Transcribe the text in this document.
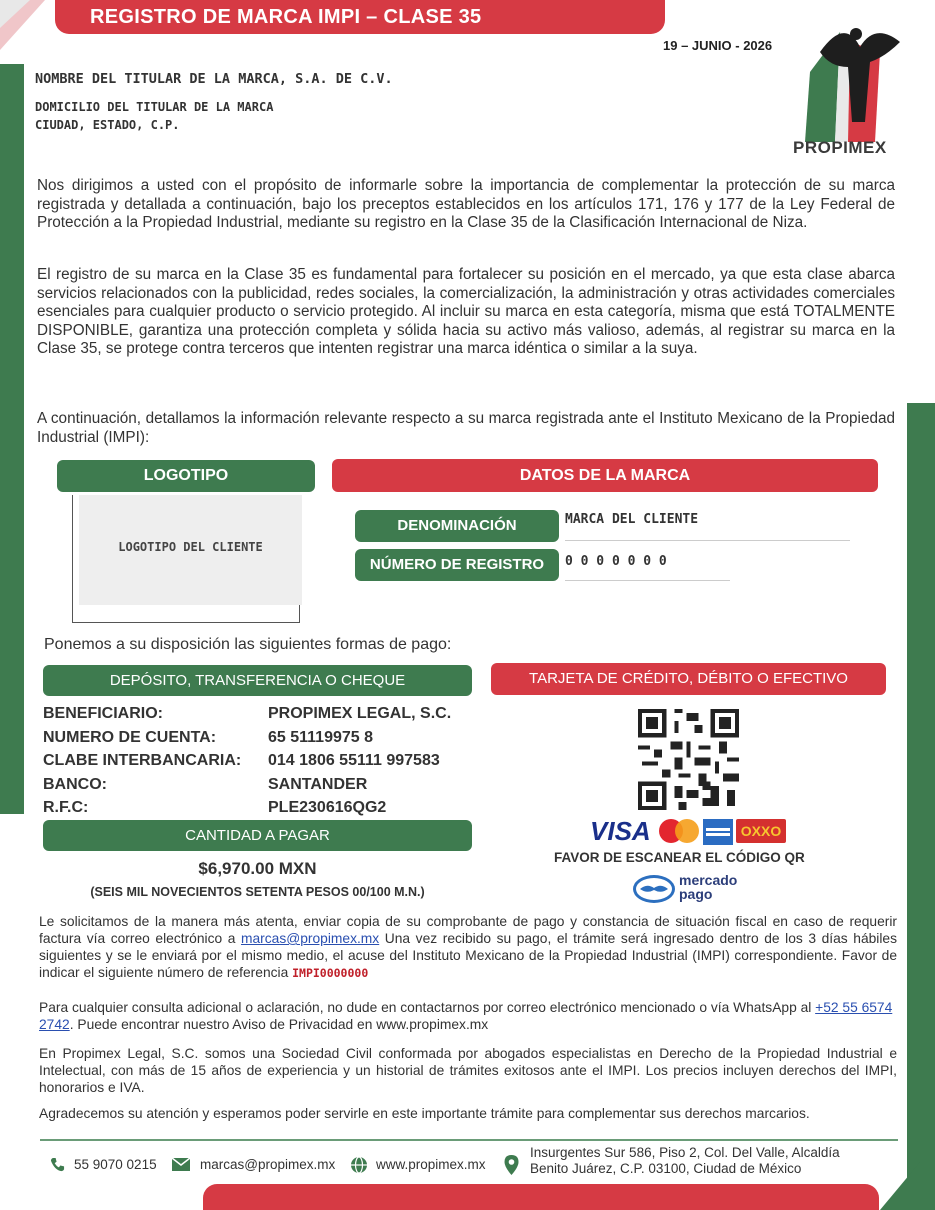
REGISTRO DE MARCA IMPI – CLASE 35
19 – JUNIO - 2026
PROPIMEX
NOMBRE DEL TITULAR DE LA MARCA, S.A. DE C.V.
DOMICILIO DEL TITULAR DE LA MARCA
CIUDAD, ESTADO, C.P.

Nos dirigimos a usted con el propósito de informarle sobre la importancia de complementar la protección de su marca registrada y detallada a continuación, bajo los preceptos establecidos en los artículos 171, 176 y 177 de la Ley Federal de Protección a la Propiedad Industrial, mediante su registro en la Clase 35 de la Clasificación Internacional de Niza.

El registro de su marca en la Clase 35 es fundamental para fortalecer su posición en el mercado, ya que esta clase abarca servicios relacionados con la publicidad, redes sociales, la comercialización, la administración y otras actividades comerciales esenciales para cualquier producto o servicio protegido. Al incluir su marca en esta categoría, misma que está TOTALMENTE DISPONIBLE, garantiza una protección completa y sólida hacia su activo más valioso, además, al registrar su marca en la Clase 35, se protege contra terceros que intenten registrar una marca idéntica o similar a la suya.

A continuación, detallamos la información relevante respecto a su marca registrada ante el Instituto Mexicano de la Propiedad Industrial (IMPI):

LOGOTIPO	DATOS DE LA MARCA
LOGOTIPO DEL CLIENTE
DENOMINACIÓN	MARCA DEL CLIENTE
NÚMERO DE REGISTRO	0 0 0 0 0 0 0
Ponemos a su disposición las siguientes formas de pago:
DEPÓSITO, TRANSFERENCIA O CHEQUE	TARJETA DE CRÉDITO, DÉBITO O EFECTIVO
BENEFICIARIO:	PROPIMEX LEGAL, S.C.
NUMERO DE CUENTA:	65 51119975 8
CLABE INTERBANCARIA:	014 1806 55111 997583
BANCO:	SANTANDER
R.F.C:	PLE230616QG2
CANTIDAD A PAGAR
$6,970.00 MXN
(SEIS MIL NOVECIENTOS SETENTA PESOS 00/100 M.N.)
VISA	OXXO
FAVOR DE ESCANEAR EL CÓDIGO QR
mercado
pago
Le solicitamos de la manera más atenta, enviar copia de su comprobante de pago y constancia de situación fiscal en caso de requerir factura vía correo electrónico a marcas@propimex.mx Una vez recibido su pago, el trámite será ingresado dentro de los 3 días hábiles siguientes y se le enviará por el mismo medio, el acuse del Instituto Mexicano de la Propiedad Industrial (IMPI) correspondiente. Favor de indicar el siguiente número de referencia IMPI0000000
Para cualquier consulta adicional o aclaración, no dude en contactarnos por correo electrónico mencionado o vía WhatsApp al +52 55 6574 2742. Puede encontrar nuestro Aviso de Privacidad en www.propimex.mx
En Propimex Legal, S.C. somos una Sociedad Civil conformada por abogados especialistas en Derecho de la Propiedad Industrial e Intelectual, con más de 15 años de experiencia y un historial de trámites exitosos ante el IMPI. Los precios incluyen derechos del IMPI, honorarios e IVA.
Agradecemos su atención y esperamos poder servirle en este importante trámite para complementar sus derechos marcarios.
55 9070 0215	marcas@propimex.mx	www.propimex.mx
Insurgentes Sur 586, Piso 2, Col. Del Valle, Alcaldía
Benito Juárez, C.P. 03100, Ciudad de México
